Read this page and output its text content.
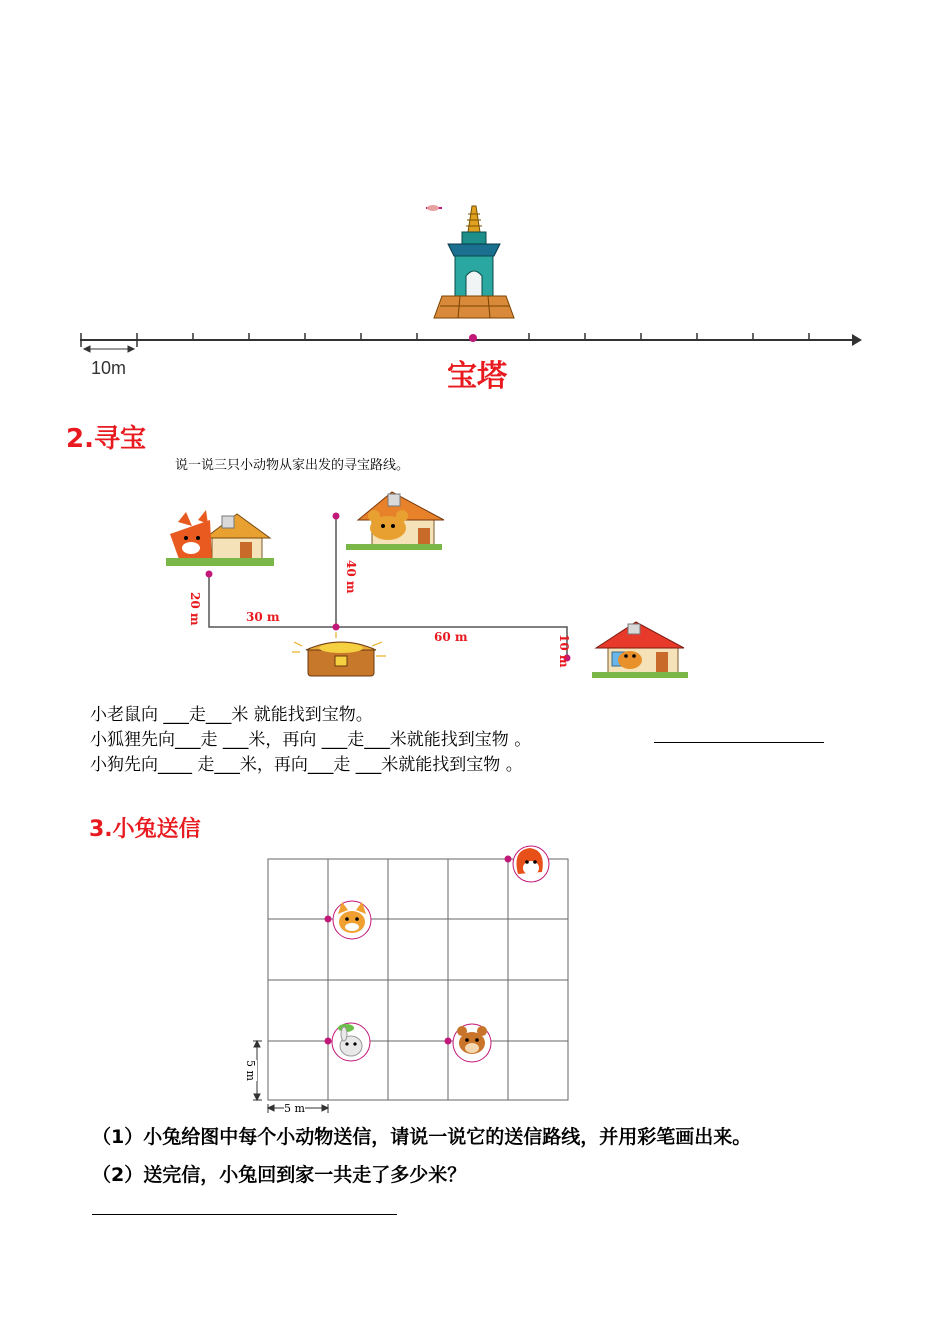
10m	宝塔
2.寻宝
说一说三只小动物从家出发的寻宝路线。
20 m	30 m
40 m
60 m	10 m
小老鼠向 ___走___米 就能找到宝物。
小狐狸先向___走 ___米，再向 ___走___米就能找到宝物 。
小狗先向____ 走___米，再向___走 ___米就能找到宝物 。
3.小兔送信
5 m
5 m
（1）小兔给图中每个小动物送信，请说一说它的送信路线，并用彩笔画出来。
（2）送完信，小兔回到家一共走了多少米？
